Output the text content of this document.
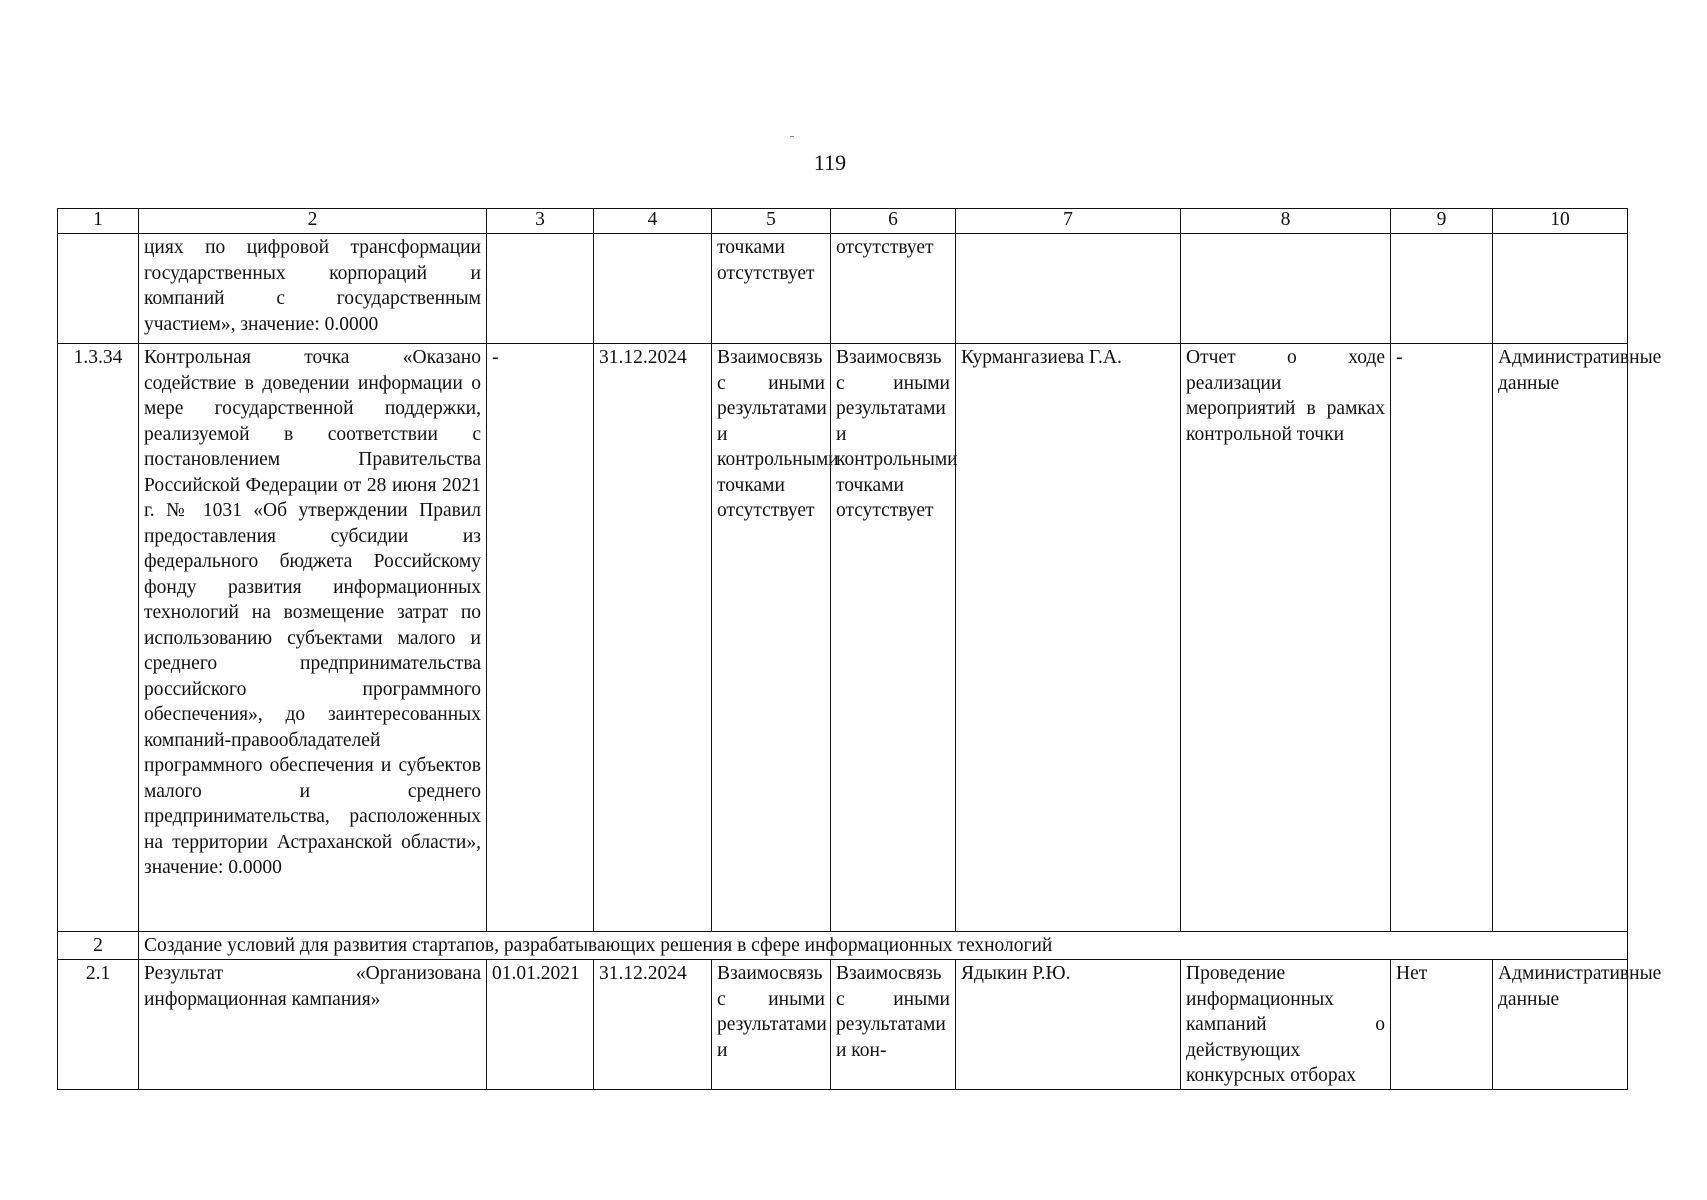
119
1	2	3	4	5	6	7	8	9	10
	циях по цифровой трансформации государственных корпораций и компаний с государственным участием», значение: 0.0000			точками отсутствует	отсутствует				
1.3.34	Контрольная точка «Оказано содействие в доведении информации о мере государственной поддержки, реализуемой в соответствии с постановлением Правительства Российской Федерации от 28 июня 2021 г. № 1031 «Об утверждении Правил предоставления субсидии из федерального бюджета Российскому фонду развития информационных технологий на возмещение затрат по использованию субъектами малого и среднего предпринимательства российского программного обеспечения», до заинтересованных компаний-правообладателей программного обеспечения и субъектов малого и среднего предпринимательства, расположенных на территории Астраханской области», значение: 0.0000	-	31.12.2024	Взаимосвязь с иными результатами и контрольными точками отсутствует	Взаимосвязь с иными результатами и контрольными точками отсутствует	Курмангазиева Г.А.	Отчет о ходе реализации мероприятий в рамках контрольной точки	-	Административные данные
2	Создание условий для развития стартапов, разрабатывающих решения в сфере информационных технологий								
2.1	Результат «Организована информационная кампания»	01.01.2021	31.12.2024	Взаимосвязь с иными результатами и	Взаимосвязь с иными результатами и кон-	Ядыкин Р.Ю.	Проведение информационных кампаний о действующих конкурсных отборах	Нет	Административные данные
